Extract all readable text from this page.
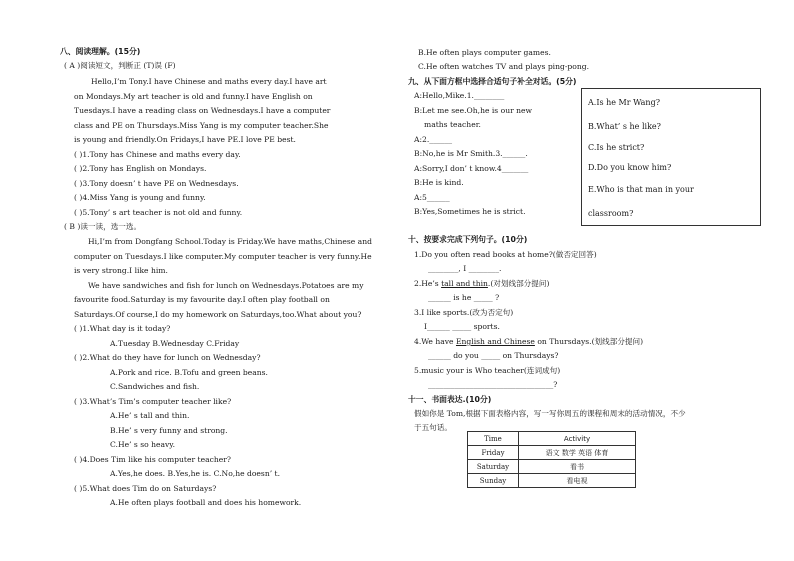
八、阅读理解。(15分)
( A )阅读短文，判断正 (T)误 (F)
Hello,I’m Tony.I have Chinese and maths every day.I have art
on Mondays.My art teacher is old and funny.I have English on
Tuesdays.I have a reading class on Wednesdays.I have a computer
class and PE on Thursdays.Miss Yang is my computer teacher.She
is young and friendly.On Fridays,I have PE.I love PE best.
( )1.Tony has Chinese and maths every day.
( )2.Tony has English on Mondays.
( )3.Tony doesn’ t have PE on Wednesdays.
( )4.Miss Yang is young and funny.
( )5.Tony’ s art teacher is not old and funny.
( B )读一读，选一选。
Hi,I’m from Dongfang School.Today is Friday.We have maths,Chinese and
computer on Tuesdays.I like computer.My computer teacher is very funny.He
is very strong.I like him.
We have sandwiches and fish for lunch on Wednesdays.Potatoes are my
favourite food.Saturday is my favourite day.I often play football on
Saturdays.Of course,I do my homework on Saturdays,too.What about you?
( )1.What day is it today?
A.Tuesday B.Wednesday C.Friday
( )2.What do they have for lunch on Wednesday?
A.Pork and rice. B.Tofu and green beans.
C.Sandwiches and fish.
( )3.What’s Tim’s computer teacher like?
A.He’ s tall and thin.
B.He’ s very funny and strong.
C.He’ s so heavy.
( )4.Does Tim like his computer teacher?
A.Yes,he does. B.Yes,he is. C.No,he doesn’ t.
( )5.What does Tim do on Saturdays?
A.He often plays football and does his homework.
B.He often plays computer games.
C.He often watches TV and plays ping-pong.
九、从下面方框中选择合适句子补全对话。(5分)
A:Hello,Mike.1.________
B:Let me see.Oh,he is our new
maths teacher.
A:2.______
B:No,he is Mr Smith.3.______.
A:Sorry,I don’ t know.4_______
B:He is kind.
A:5______
B:Yes,Sometimes he is strict.
A.Is he Mr Wang?
B.What’ s he like?
C.Is he strict?
D.Do you know him?
E.Who is that man in your
classroom?
十、按要求完成下列句子。(10分)
1.Do you often read books at home?(做否定回答)
________, I ________.
2.He’s tall and thin.(对划线部分提问)
______ is he _____ ?
3.I like sports.(改为否定句)
I______ _____ sports.
4.We have English and Chinese on Thursdays.(划线部分提问)
______ do you _____ on Thursdays?
5.music your is Who teacher(连词成句)
_________________________________?
十一、书面表达.(10分)
假如你是 Tom,根据下面表格内容，写一写你周五的课程和周末的活动情况，不少
于五句话。
Time	Activity
Friday	语文 数学 英语 体育
Saturday	看书
Sunday	看电视
